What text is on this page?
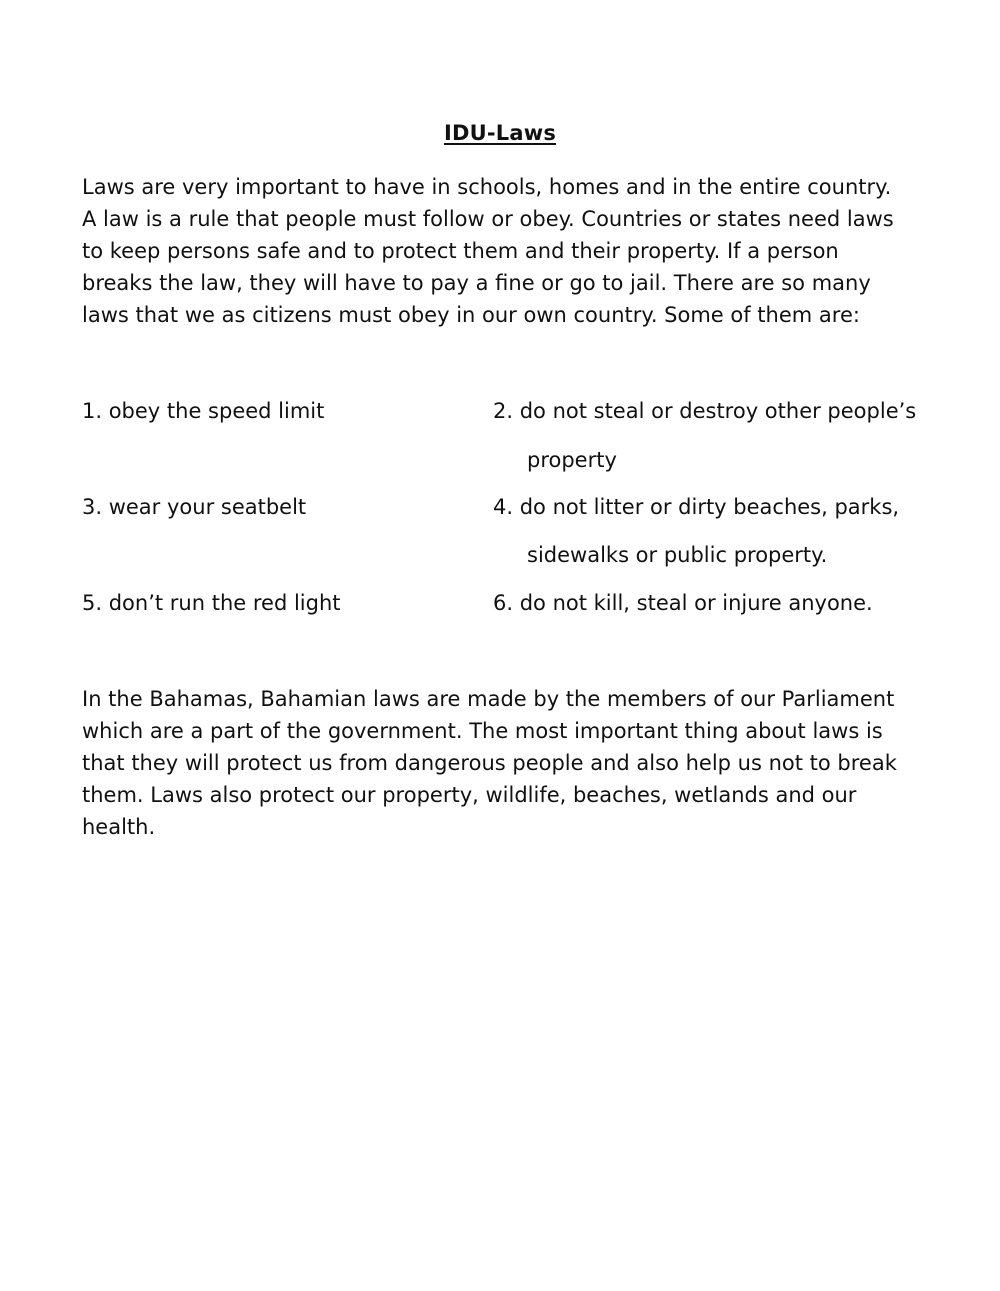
IDU-Laws
Laws are very important to have in schools, homes and in the entire country.
A law is a rule that people must follow or obey. Countries or states need laws
to keep persons safe and to protect them and their property. If a person
breaks the law, they will have to pay a fine or go to jail. There are so many
laws that we as citizens must obey in our own country. Some of them are:
1. obey the speed limit	2. do not steal or destroy other people’s
property
3. wear your seatbelt	4. do not litter or dirty beaches, parks,
sidewalks or public property.
5. don’t run the red light	6. do not kill, steal or injure anyone.
In the Bahamas, Bahamian laws are made by the members of our Parliament
which are a part of the government. The most important thing about laws is
that they will protect us from dangerous people and also help us not to break
them. Laws also protect our property, wildlife, beaches, wetlands and our
health.
